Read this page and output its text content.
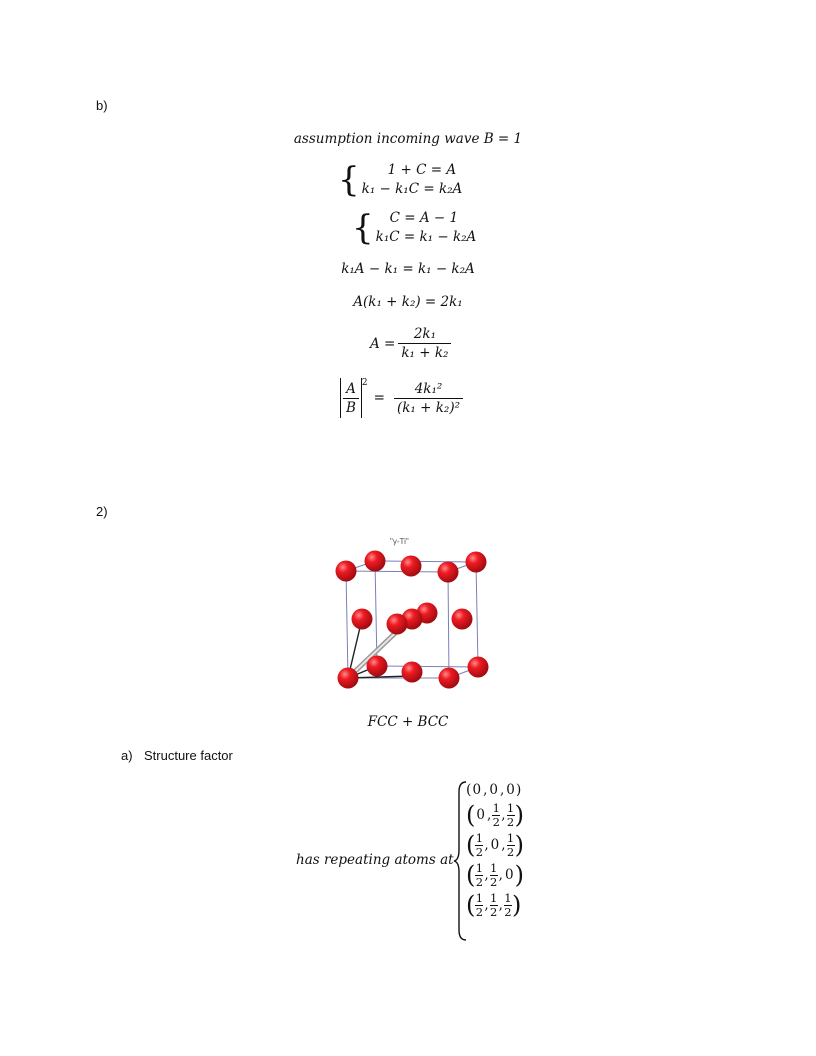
b)
assumption incoming wave B = 1
{	1 + C = A
k₁ − k₁C = k₂A
{	C = A − 1
k₁C = k₁ − k₂A
k₁A − k₁ = k₁ − k₂A
A(k₁ + k₂) = 2k₁
$A = \frac{\text{2k₁}}{\text{k₁ + k₂}}$
$\frac{A}{B} ^2$
= $\frac{\text{4k₁²}}{\text{(k₁ + k₂)²}}$
2)
"γ-Ti"
FCC + BCC
a) Structure factor
has repeating atoms at
( 0 , 0 , 0 )
( 0 , 1
2 , 1
2 )
( 1
2 , 0 , 1
2 )
( 1
2 , 1
2 , 0 )
( 1
2 , 1
2 , 1
2 )
